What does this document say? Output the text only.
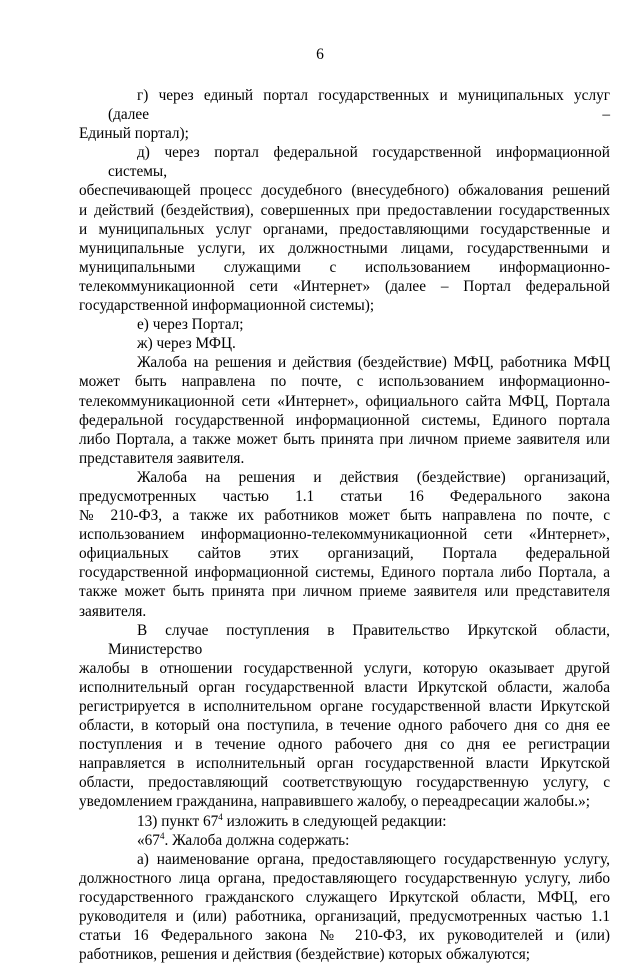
6

г) через единый портал государственных и муниципальных услуг (далее –
Единый портал);

д) через портал федеральной государственной информационной системы,
обеспечивающей процесс досудебного (внесудебного) обжалования решений
и действий (бездействия), совершенных при предоставлении государственных
и муниципальных услуг органами, предоставляющими государственные и
муниципальные услуги, их должностными лицами, государственными и
муниципальными служащими с использованием информационно-
телекоммуникационной сети «Интернет» (далее – Портал федеральной
государственной информационной системы);

е) через Портал;

ж) через МФЦ.

Жалоба на решения и действия (бездействие) МФЦ, работника МФЦ
может быть направлена по почте, с использованием информационно-
телекоммуникационной сети «Интернет», официального сайта МФЦ, Портала
федеральной государственной информационной системы, Единого портала
либо Портала, а также может быть принята при личном приеме заявителя или
представителя заявителя.

Жалоба на решения и действия (бездействие) организаций,
предусмотренных частью 1.1 статьи 16 Федерального закона
№ 210-ФЗ, а также их работников может быть направлена по почте, с
использованием информационно-телекоммуникационной сети «Интернет»,
официальных сайтов этих организаций, Портала федеральной
государственной информационной системы, Единого портала либо Портала, а
также может быть принята при личном приеме заявителя или представителя
заявителя.

В случае поступления в Правительство Иркутской области, Министерство
жалобы в отношении государственной услуги, которую оказывает другой
исполнительный орган государственной власти Иркутской области, жалоба
регистрируется в исполнительном органе государственной власти Иркутской
области, в который она поступила, в течение одного рабочего дня со дня ее
поступления и в течение одного рабочего дня со дня ее регистрации
направляется в исполнительный орган государственной власти Иркутской
области, предоставляющий соответствующую государственную услугу, с
уведомлением гражданина, направившего жалобу, о переадресации жалобы.»;

13) пункт $67^4$ изложить в следующей редакции:

«$67^4$. Жалоба должна содержать:

а) наименование органа, предоставляющего государственную услугу,
должностного лица органа, предоставляющего государственную услугу, либо
государственного гражданского служащего Иркутской области, МФЦ, его
руководителя и (или) работника, организаций, предусмотренных частью 1.1
статьи 16 Федерального закона № 210-ФЗ, их руководителей и (или)
работников, решения и действия (бездействие) которых обжалуются;
